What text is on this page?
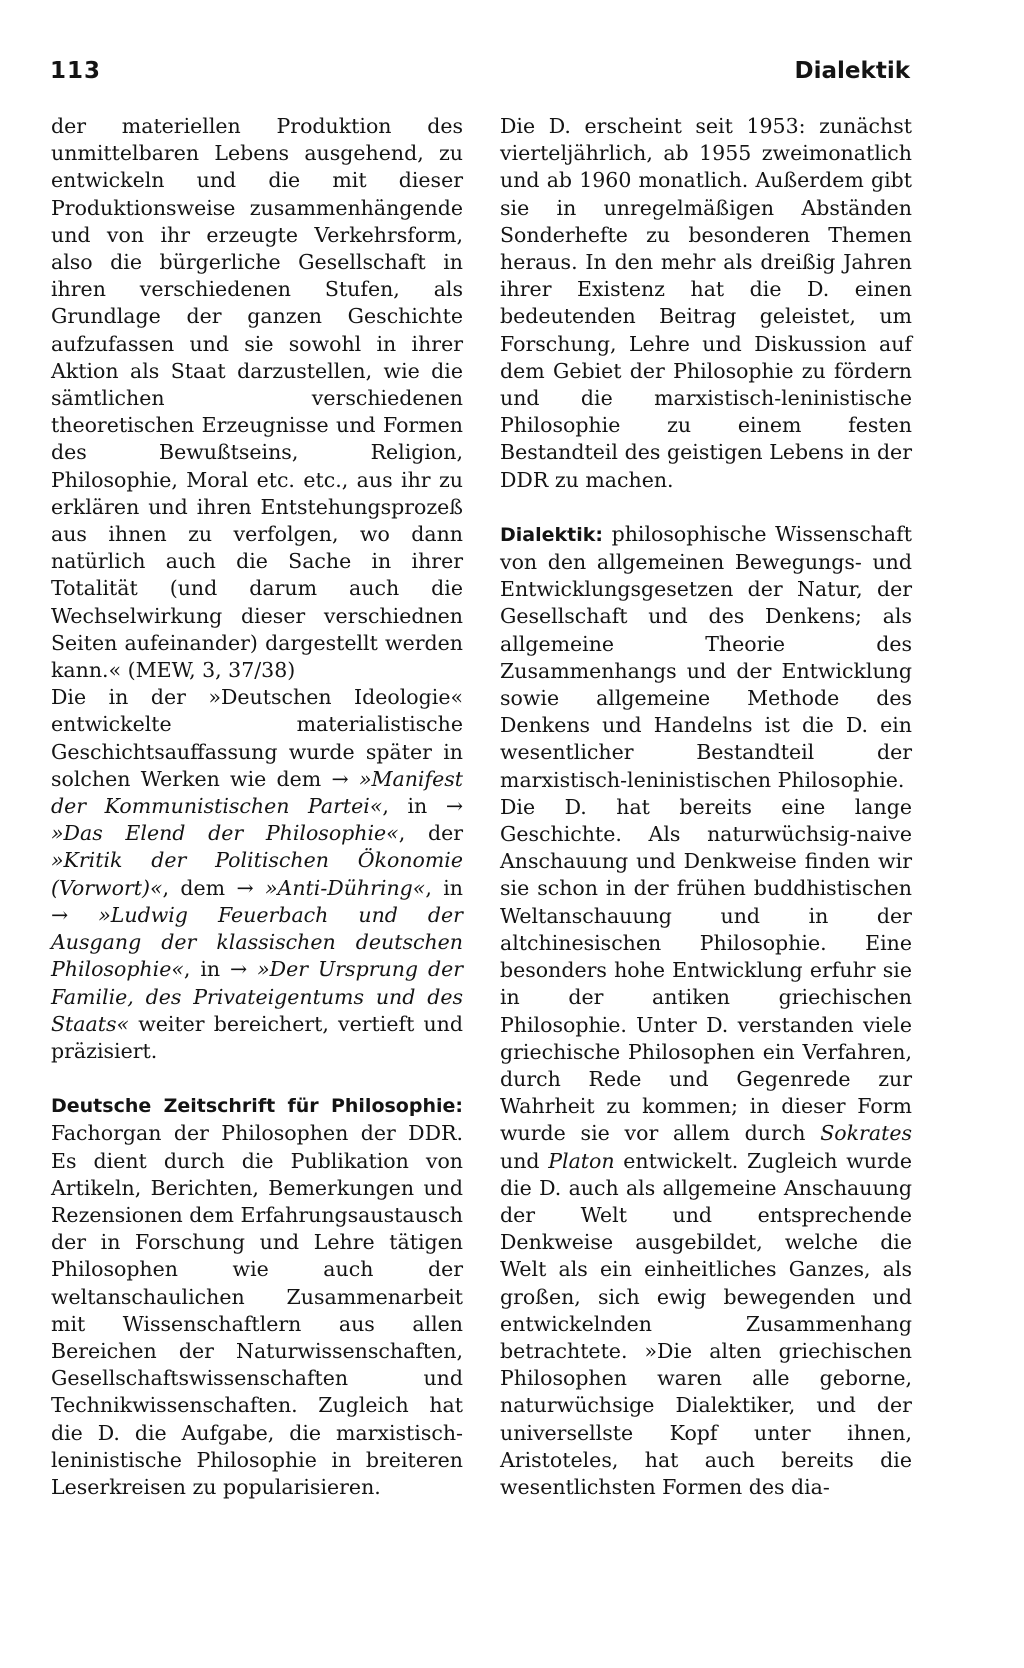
113	Dialektik

der materiellen Produktion des unmittelbaren Lebens ausgehend, zu entwickeln und die mit dieser Produktionsweise zusammenhängende und von ihr erzeugte Verkehrsform, also die bürgerliche Gesellschaft in ihren verschiedenen Stufen, als Grundlage der ganzen Geschichte aufzufassen und sie sowohl in ihrer Aktion als Staat darzustellen, wie die sämtlichen verschiedenen theoretischen Erzeugnisse und Formen des Bewußtseins, Religion, Philosophie, Moral etc. etc., aus ihr zu erklären und ihren Entstehungsprozeß aus ihnen zu verfolgen, wo dann natürlich auch die Sache in ihrer Totalität (und darum auch die Wechselwirkung dieser verschiednen Seiten aufeinander) dargestellt werden kann.« (MEW, 3, 37/38)

Die in der »Deutschen Ideologie« entwickelte materialistische Geschichtsauffassung wurde später in solchen Werken wie dem → »Manifest der Kommunistischen Partei«, in → »Das Elend der Philosophie«, der »Kritik der Politischen Ökonomie (Vorwort)«, dem → »Anti-Dühring«, in → »Ludwig Feuerbach und der Ausgang der klassischen deutschen Philosophie«, in → »Der Ursprung der Familie, des Privateigentums und des Staats« weiter bereichert, vertieft und präzisiert.

Deutsche Zeitschrift für Philosophie: Fachorgan der Philosophen der DDR. Es dient durch die Publikation von Artikeln, Berichten, Bemerkungen und Rezensionen dem Erfahrungsaustausch der in Forschung und Lehre tätigen Philosophen wie auch der weltanschaulichen Zusammenarbeit mit Wissenschaftlern aus allen Bereichen der Naturwissenschaften, Gesellschaftswissenschaften und Technikwissenschaften. Zugleich hat die D. die Aufgabe, die marxistisch-leninistische Philosophie in breiteren Leserkreisen zu popularisieren.

Die D. erscheint seit 1953: zunächst vierteljährlich, ab 1955 zweimonatlich und ab 1960 monatlich. Außerdem gibt sie in unregelmäßigen Abständen Sonderhefte zu besonderen Themen heraus. In den mehr als dreißig Jahren ihrer Existenz hat die D. einen bedeutenden Beitrag geleistet, um Forschung, Lehre und Diskussion auf dem Gebiet der Philosophie zu fördern und die marxistisch-leninistische Philosophie zu einem festen Bestandteil des geistigen Lebens in der DDR zu machen.

Dialektik: philosophische Wissenschaft von den allgemeinen Bewegungs- und Entwicklungsgesetzen der Natur, der Gesellschaft und des Denkens; als allgemeine Theorie des Zusammenhangs und der Entwicklung sowie allgemeine Methode des Denkens und Handelns ist die D. ein wesentlicher Bestandteil der marxistisch-leninistischen Philosophie.

Die D. hat bereits eine lange Geschichte. Als naturwüchsig-naive Anschauung und Denkweise finden wir sie schon in der frühen buddhistischen Weltanschauung und in der altchinesischen Philosophie. Eine besonders hohe Entwicklung erfuhr sie in der antiken griechischen Philosophie. Unter D. verstanden viele griechische Philosophen ein Verfahren, durch Rede und Gegenrede zur Wahrheit zu kommen; in dieser Form wurde sie vor allem durch Sokrates und Platon entwickelt. Zugleich wurde die D. auch als allgemeine Anschauung der Welt und entsprechende Denkweise ausgebildet, welche die Welt als ein einheitliches Ganzes, als großen, sich ewig bewegenden und entwickelnden Zusammenhang betrachtete. »Die alten griechischen Philosophen waren alle geborne, naturwüchsige Dialektiker, und der universellste Kopf unter ihnen, Aristoteles, hat auch bereits die wesentlichsten Formen des dia-
